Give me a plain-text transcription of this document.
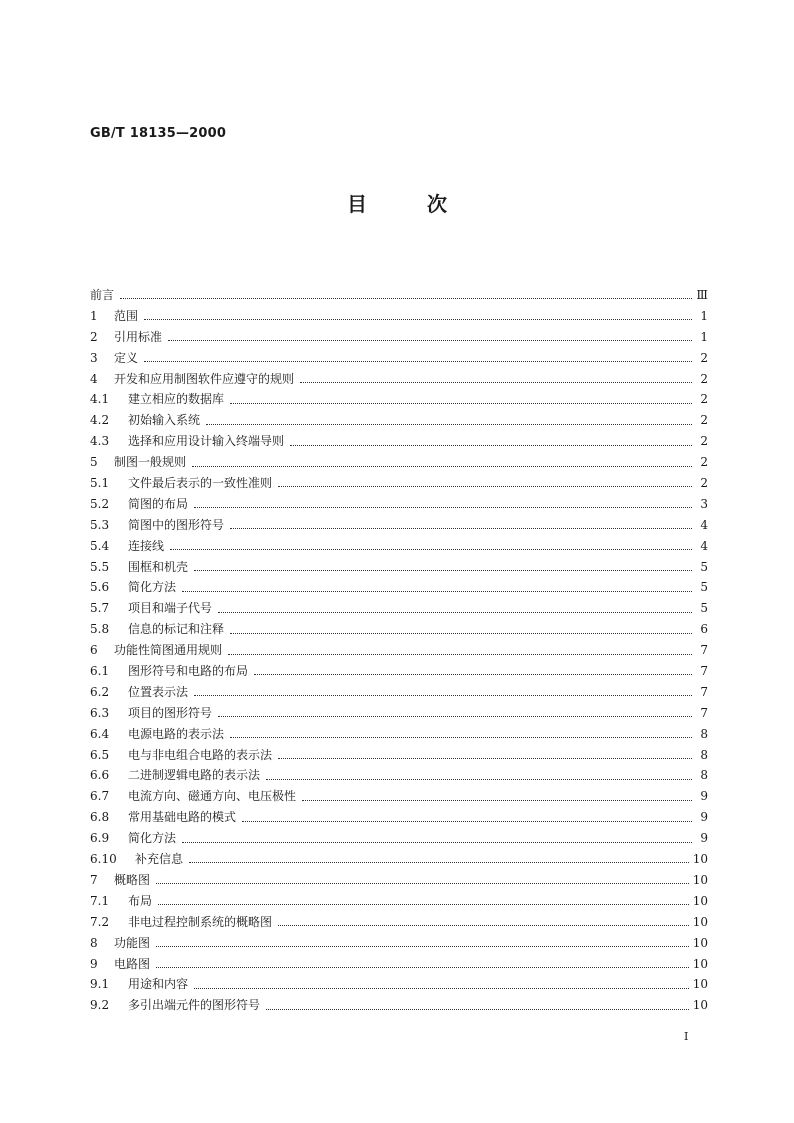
GB/T 18135—2000
目	次
前言	Ⅲ
1	范围	1
2	引用标准	1
3	定义	2
4	开发和应用制图软件应遵守的规则	2
4.1	建立相应的数据库	2
4.2	初始输入系统	2
4.3	选择和应用设计输入终端导则	2
5	制图一般规则	2
5.1	文件最后表示的一致性准则	2
5.2	简图的布局	3
5.3	简图中的图形符号	4
5.4	连接线	4
5.5	围框和机壳	5
5.6	简化方法	5
5.7	项目和端子代号	5
5.8	信息的标记和注释	6
6	功能性简图通用规则	7
6.1	图形符号和电路的布局	7
6.2	位置表示法	7
6.3	项目的图形符号	7
6.4	电源电路的表示法	8
6.5	电与非电组合电路的表示法	8
6.6	二进制逻辑电路的表示法	8
6.7	电流方向、磁通方向、电压极性	9
6.8	常用基础电路的模式	9
6.9	简化方法	9
6.10	补充信息	10
7	概略图	10
7.1	布局	10
7.2	非电过程控制系统的概略图	10
8	功能图	10
9	电路图	10
9.1	用途和内容	10
9.2	多引出端元件的图形符号	10
I
